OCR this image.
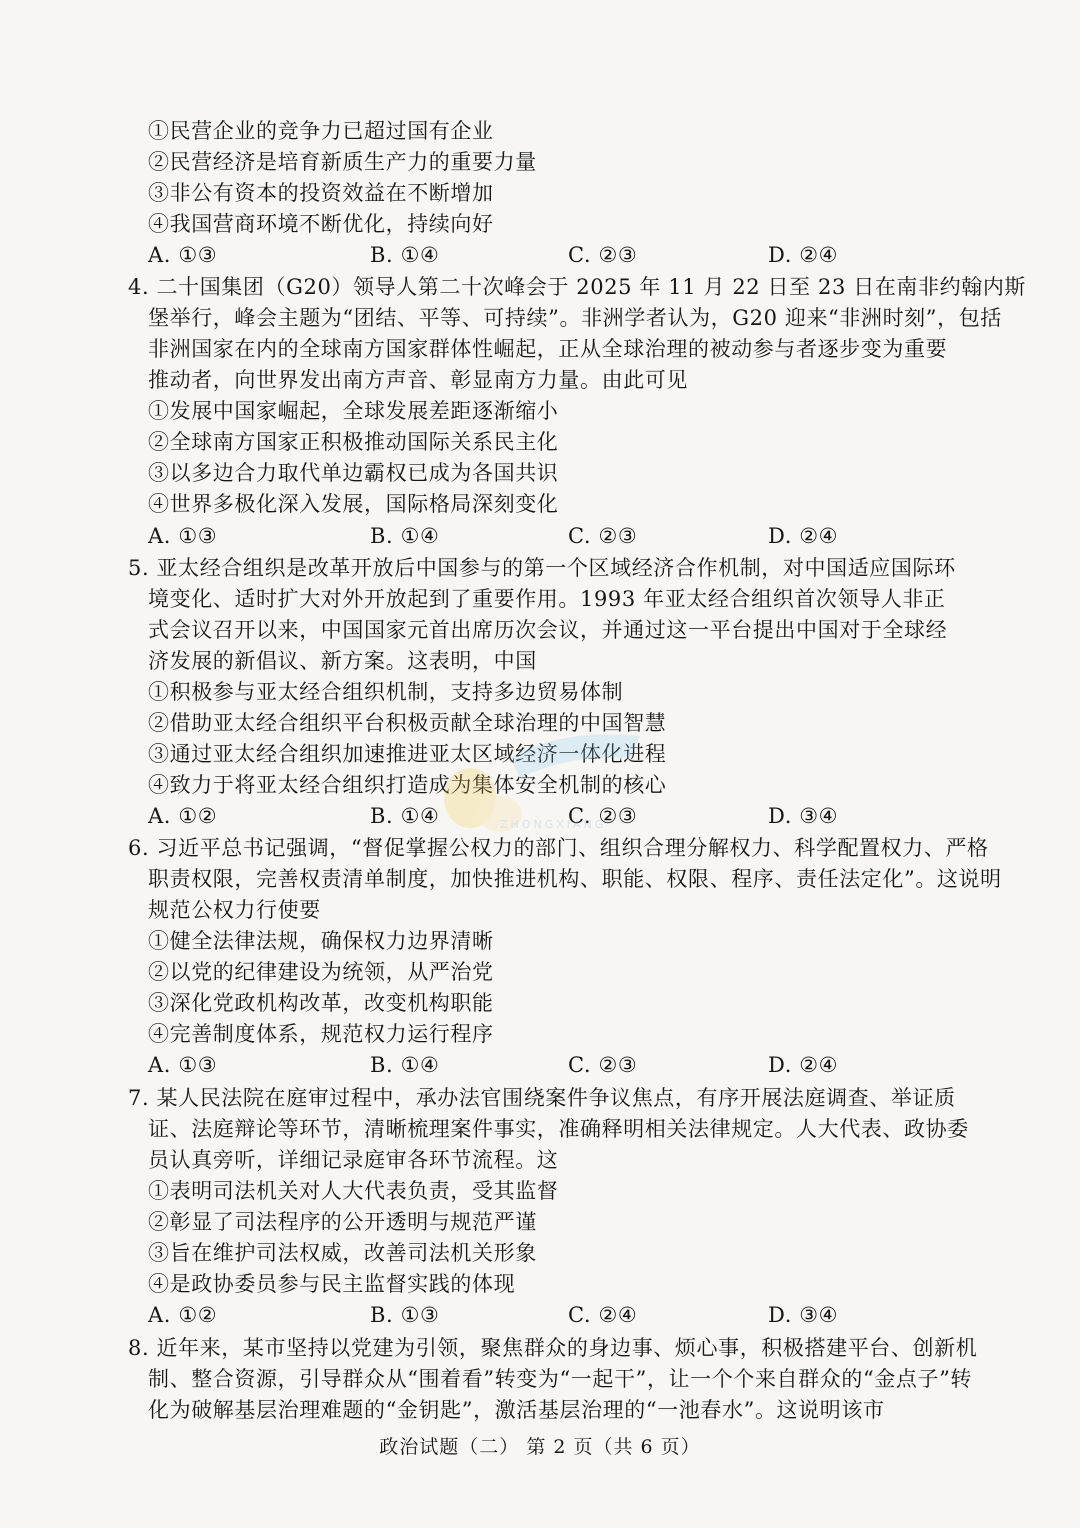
①民营企业的竞争力已超过国有企业
②民营经济是培育新质生产力的重要力量
③非公有资本的投资效益在不断增加
④我国营商环境不断优化，持续向好
A. ①③	B. ①④	C. ②③	D. ②④
4. 二十国集团（G20）领导人第二十次峰会于 2025 年 11 月 22 日至 23 日在南非约翰内斯
堡举行，峰会主题为“团结、平等、可持续”。非洲学者认为，G20 迎来“非洲时刻”，包括
非洲国家在内的全球南方国家群体性崛起，正从全球治理的被动参与者逐步变为重要
推动者，向世界发出南方声音、彰显南方力量。由此可见
①发展中国家崛起，全球发展差距逐渐缩小
②全球南方国家正积极推动国际关系民主化
③以多边合力取代单边霸权已成为各国共识
④世界多极化深入发展，国际格局深刻变化
A. ①③	B. ①④	C. ②③	D. ②④
5. 亚太经合组织是改革开放后中国参与的第一个区域经济合作机制，对中国适应国际环
境变化、适时扩大对外开放起到了重要作用。1993 年亚太经合组织首次领导人非正
式会议召开以来，中国国家元首出席历次会议，并通过这一平台提出中国对于全球经
济发展的新倡议、新方案。这表明，中国
①积极参与亚太经合组织机制，支持多边贸易体制
②借助亚太经合组织平台积极贡献全球治理的中国智慧
③通过亚太经合组织加速推进亚太区域经济一体化进程
④致力于将亚太经合组织打造成为集体安全机制的核心
A. ①②	B. ①④	C. ②③	D. ③④
6. 习近平总书记强调，“督促掌握公权力的部门、组织合理分解权力、科学配置权力、严格
职责权限，完善权责清单制度，加快推进机构、职能、权限、程序、责任法定化”。这说明
规范公权力行使要
①健全法律法规，确保权力边界清晰
②以党的纪律建设为统领，从严治党
③深化党政机构改革，改变机构职能
④完善制度体系，规范权力运行程序
A. ①③	B. ①④	C. ②③	D. ②④
7. 某人民法院在庭审过程中，承办法官围绕案件争议焦点，有序开展法庭调查、举证质
证、法庭辩论等环节，清晰梳理案件事实，准确释明相关法律规定。人大代表、政协委
员认真旁听，详细记录庭审各环节流程。这
①表明司法机关对人大代表负责，受其监督
②彰显了司法程序的公开透明与规范严谨
③旨在维护司法权威，改善司法机关形象
④是政协委员参与民主监督实践的体现
A. ①②	B. ①③	C. ②④	D. ③④
8. 近年来，某市坚持以党建为引领，聚焦群众的身边事、烦心事，积极搭建平台、创新机
制、整合资源，引导群众从“围着看”转变为“一起干”，让一个个来自群众的“金点子”转
化为破解基层治理难题的“金钥匙”，激活基层治理的“一池春水”。这说明该市
ZHONGXIANG
政治试题（二） 第 2 页（共 6 页）
